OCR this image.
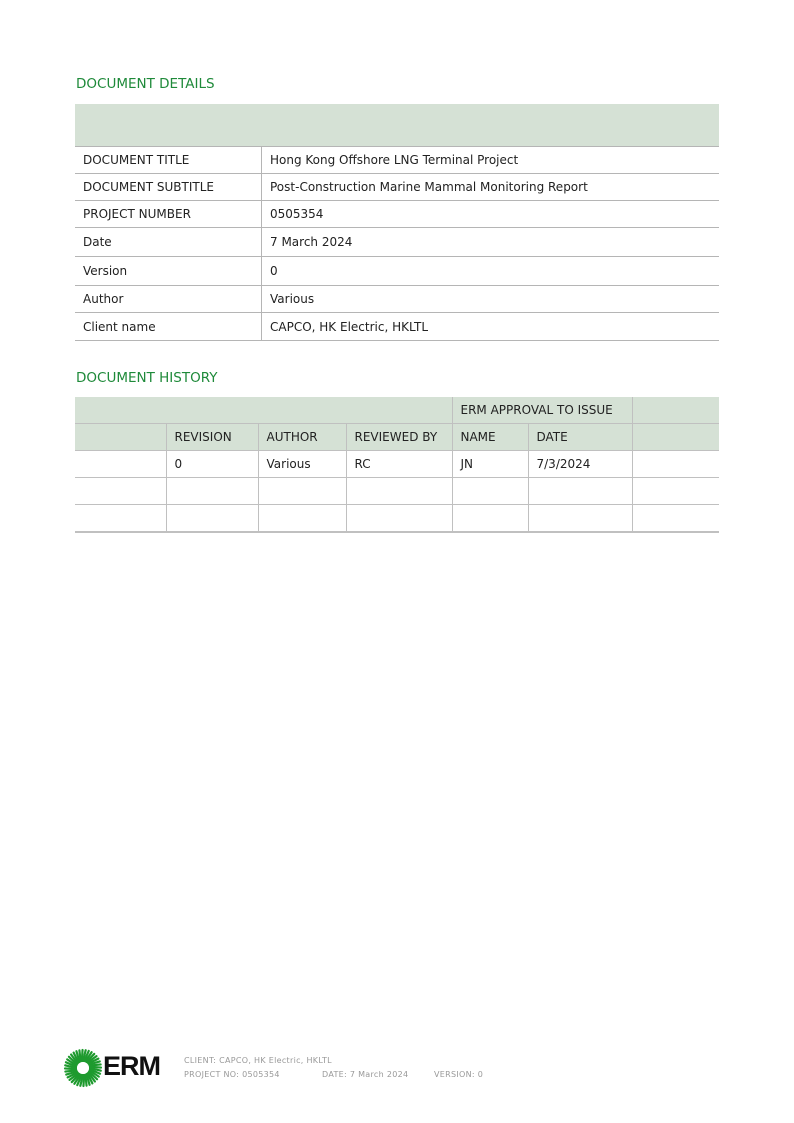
DOCUMENT DETAILS

DOCUMENT TITLE	Hong Kong Offshore LNG Terminal Project
DOCUMENT SUBTITLE	Post-Construction Marine Mammal Monitoring Report
PROJECT NUMBER	0505354
Date	7 March 2024
Version	0
Author	Various
Client name	CAPCO, HK Electric, HKLTL
DOCUMENT HISTORY
				ERM APPROVAL TO ISSUE		
	REVISION	AUTHOR	REVIEWED BY	NAME	DATE	
	0	Various	RC	JN	7/3/2024	

ERM	CLIENT: CAPCO, HK Electric, HKLTL
PROJECT NO: 0505354	DATE: 7 March 2024	VERSION: 0
